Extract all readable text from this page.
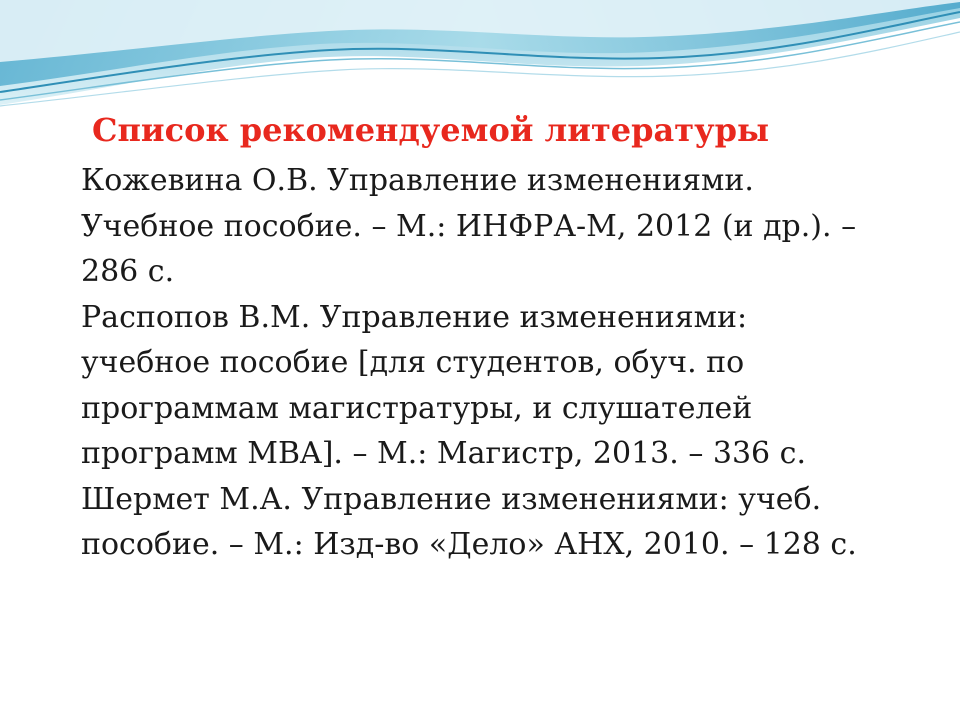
Список рекомендуемой литературы
Кожевина О.В. Управление изменениями. Учебное пособие. – М.: ИНФРА-М, 2012 (и др.). – 286 с.
Распопов В.М. Управление изменениями: учебное пособие [для студентов, обуч. по программам магистратуры, и слушателей программ MBA]. – М.: Магистр, 2013. – 336 с.
Шермет М.А. Управление изменениями: учеб. пособие. – М.: Изд-во «Дело» АНХ, 2010. – 128 с.
